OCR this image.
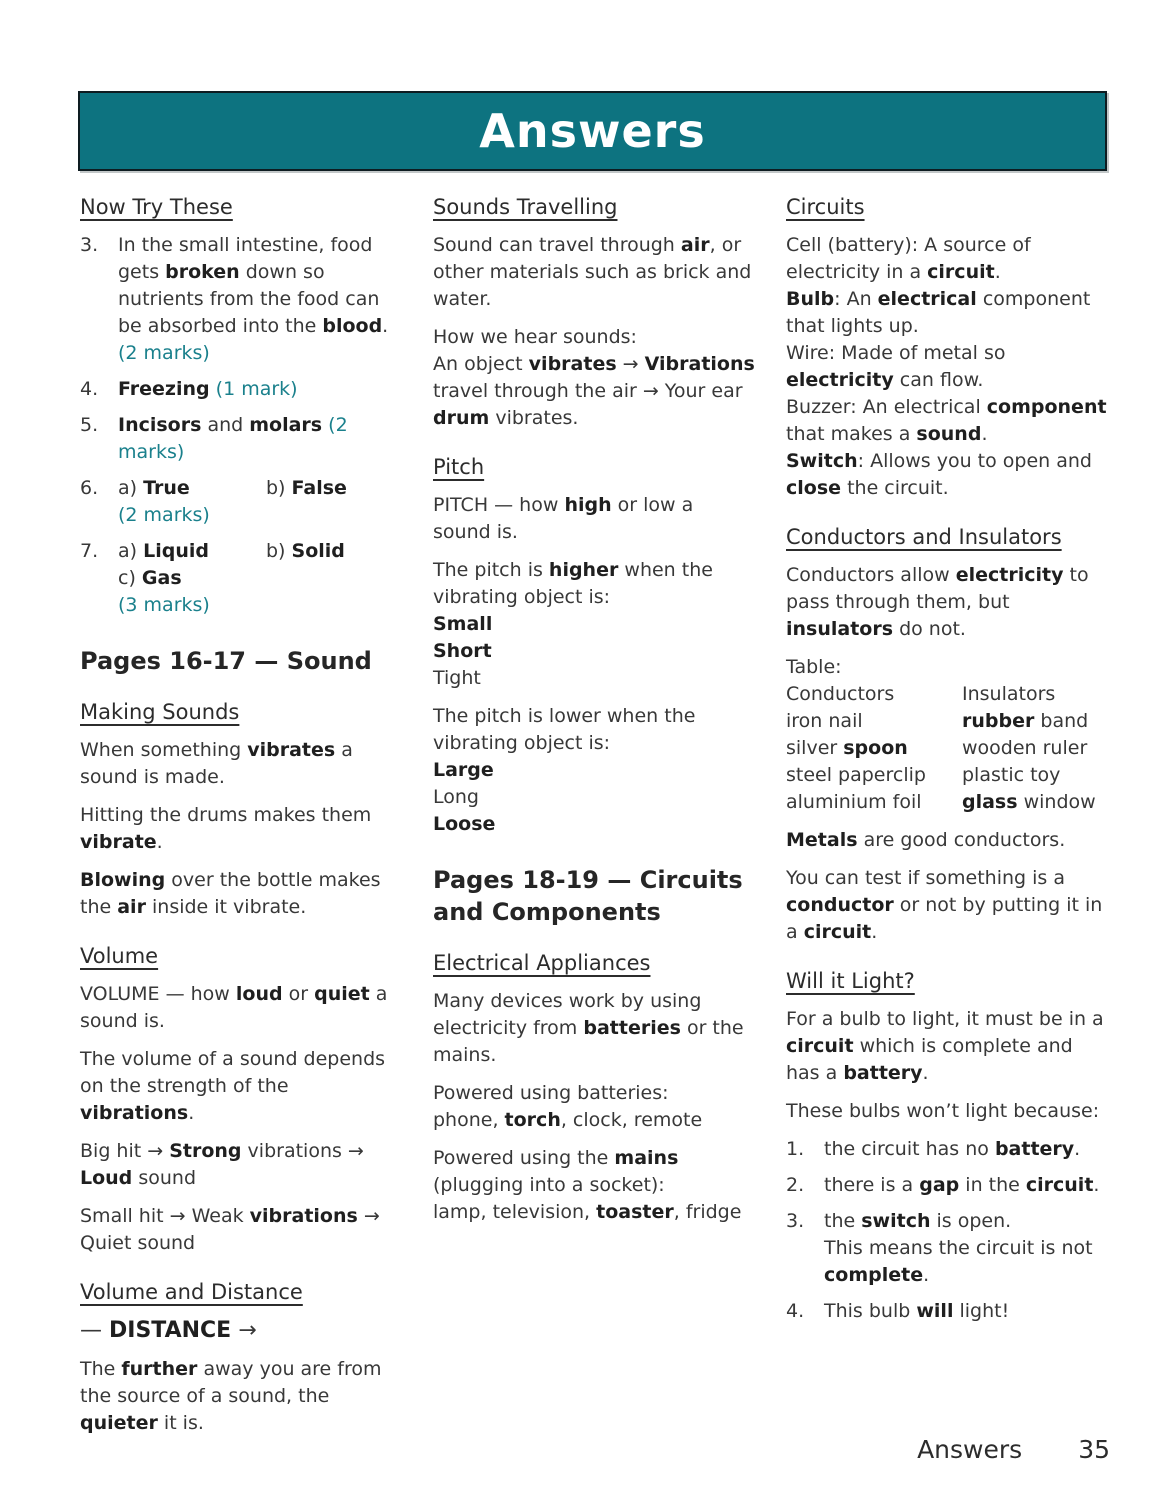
Answers
Now Try These
3.	In the small intestine, food gets broken down so nutrients from the food can be absorbed into the blood. (2 marks)
4.	Freezing (1 mark)
5.	Incisors and molars (2 marks)
6.	a) True	b) False
(2 marks)
7.	a) Liquid	b) Solid
c) Gas
(3 marks)
Pages 16-17 — Sound
Making Sounds
When something vibrates a sound is made.
Hitting the drums makes them vibrate.
Blowing over the bottle makes the air inside it vibrate.
Volume
VOLUME — how loud or quiet a sound is.
The volume of a sound depends on the strength of the vibrations.
Big hit → Strong vibrations → Loud sound
Small hit → Weak vibrations → Quiet sound
Volume and Distance
— DISTANCE →
The further away you are from the source of a sound, the quieter it is.
Sounds Travelling
Sound can travel through air, or other materials such as brick and water.
How we hear sounds:
An object vibrates → Vibrations travel through the air → Your ear drum vibrates.
Pitch
PITCH — how high or low a sound is.
The pitch is higher when the vibrating object is:
Small
Short
Tight
The pitch is lower when the vibrating object is:
Large
Long
Loose
Pages 18-19 — Circuits and Components
Electrical Appliances
Many devices work by using electricity from batteries or the mains.
Powered using batteries:
phone, torch, clock, remote
Powered using the mains (plugging into a socket):
lamp, television, toaster, fridge
Circuits
Cell (battery): A source of electricity in a circuit.
Bulb: An electrical component that lights up.
Wire: Made of metal so electricity can flow.
Buzzer: An electrical component that makes a sound.
Switch: Allows you to open and close the circuit.
Conductors and Insulators
Conductors allow electricity to pass through them, but insulators do not.
Table:
Conductors	Insulators
iron nail	rubber band
silver spoon	wooden ruler
steel paperclip	plastic toy
aluminium foil	glass window
Metals are good conductors.
You can test if something is a conductor or not by putting it in a circuit.
Will it Light?
For a bulb to light, it must be in a circuit which is complete and has a battery.
These bulbs won’t light because:
1.	the circuit has no battery.
2.	there is a gap in the circuit.
3.	the switch is open.
This means the circuit is not complete.
4.	This bulb will light!
Answers 35
